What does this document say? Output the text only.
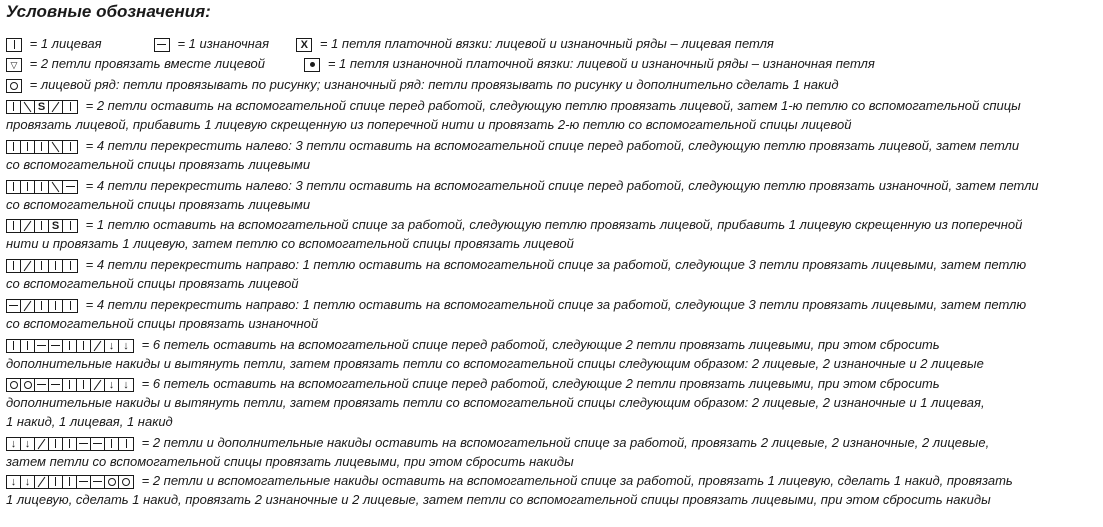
Условные обозначения:
= 1 лицевая	= 1 изнаночная	X = 1 петля платочной вязки: лицевой и изнаночный ряды – лицевая петля
▽ = 2 петли провязать вместе лицевой	= 1 петля изнаночной платочной вязки: лицевой и изнаночный ряды – изнаночная петля
= лицевой ряд: петли провязывать по рисунку; изнаночный ряд: петли провязывать по рисунку и дополнительно сделать 1 накид
S	= 2 петли оставить на вспомогательной спице перед работой, следующую петлю провязать лицевой, затем 1-ю петлю со вспомогательной спицы
провязать лицевой, прибавить 1 лицевую скрещенную из поперечной нити и провязать 2-ю петлю со вспомогательной спицы лицевой
= 4 петли перекрестить налево: 3 петли оставить на вспомогательной спице перед работой, следующую петлю провязать лицевой, затем петли
со вспомогательной спицы провязать лицевыми
= 4 петли перекрестить налево: 3 петли оставить на вспомогательной спице перед работой, следующую петлю провязать изнаночной, затем петли
со вспомогательной спицы провязать лицевыми
S = 1 петлю оставить на вспомогательной спице за работой, следующую петлю провязать лицевой, прибавить 1 лицевую скрещенную из поперечной
нити и провязать 1 лицевую, затем петлю со вспомогательной спицы провязать лицевой
= 4 петли перекрестить направо: 1 петлю оставить на вспомогательной спице за работой, следующие 3 петли провязать лицевыми, затем петлю
со вспомогательной спицы провязать лицевой
= 4 петли перекрестить направо: 1 петлю оставить на вспомогательной спице за работой, следующие 3 петли провязать лицевыми, затем петлю
со вспомогательной спицы провязать изнаночной
↓ ↓ = 6 петель оставить на вспомогательной спице перед работой, следующие 2 петли провязать лицевыми, при этом сбросить
дополнительные накиды и вытянуть петли, затем провязать петли со вспомогательной спицы следующим образом: 2 лицевые, 2 изнаночные и 2 лицевые
↓ ↓ = 6 петель оставить на вспомогательной спице перед работой, следующие 2 петли провязать лицевыми, при этом сбросить
дополнительные накиды и вытянуть петли, затем провязать петли со вспомогательной спицы следующим образом: 2 лицевые, 2 изнаночные и 1 лицевая,
1 накид, 1 лицевая, 1 накид
↓ ↓	= 2 петли и дополнительные накиды оставить на вспомогательной спице за работой, провязать 2 лицевые, 2 изнаночные, 2 лицевые,
затем петли со вспомогательной спицы провязать лицевыми, при этом сбросить накиды
↓ ↓	= 2 петли и вспомогательные накиды оставить на вспомогательной спице за работой, провязать 1 лицевую, сделать 1 накид, провязать
1 лицевую, сделать 1 накид, провязать 2 изнаночные и 2 лицевые, затем петли со вспомогательной спицы провязать лицевыми, при этом сбросить накиды
